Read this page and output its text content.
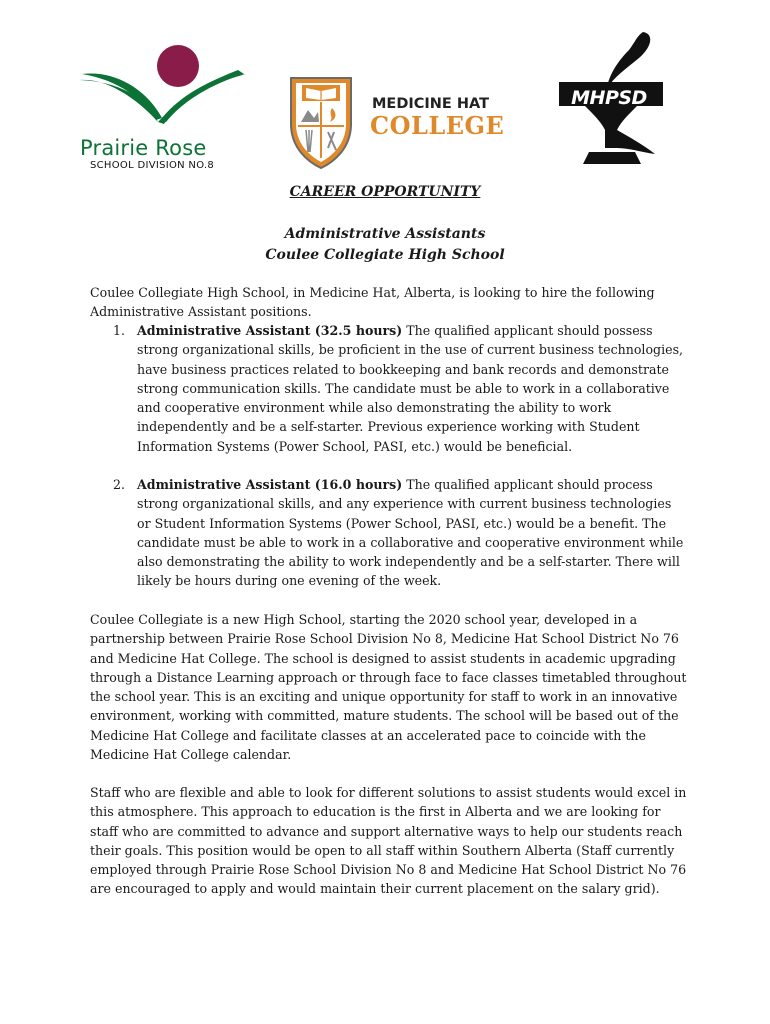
Prairie Rose
SCHOOL DIVISION NO.8
MEDICINE HAT
COLLEGE
MHPSD
CAREER OPPORTUNITY
Administrative Assistants
Coulee Collegiate High School

Coulee Collegiate High School, in Medicine Hat, Alberta, is looking to hire the following Administrative Assistant positions.

1. Administrative Assistant (32.5 hours) The qualified applicant should possess strong organizational skills, be proficient in the use of current business technologies, have business practices related to bookkeeping and bank records and demonstrate strong communication skills. The candidate must be able to work in a collaborative and cooperative environment while also demonstrating the ability to work independently and be a self-starter. Previous experience working with Student Information Systems (Power School, PASI, etc.) would be beneficial.

2. Administrative Assistant (16.0 hours) The qualified applicant should process strong organizational skills, and any experience with current business technologies or Student Information Systems (Power School, PASI, etc.) would be a benefit. The candidate must be able to work in a collaborative and cooperative environment while also demonstrating the ability to work independently and be a self-starter. There will likely be hours during one evening of the week.

Coulee Collegiate is a new High School, starting the 2020 school year, developed in a partnership between Prairie Rose School Division No 8, Medicine Hat School District No 76 and Medicine Hat College. The school is designed to assist students in academic upgrading through a Distance Learning approach or through face to face classes timetabled throughout the school year. This is an exciting and unique opportunity for staff to work in an innovative environment, working with committed, mature students. The school will be based out of the Medicine Hat College and facilitate classes at an accelerated pace to coincide with the Medicine Hat College calendar.

Staff who are flexible and able to look for different solutions to assist students would excel in this atmosphere. This approach to education is the first in Alberta and we are looking for staff who are committed to advance and support alternative ways to help our students reach their goals. This position would be open to all staff within Southern Alberta (Staff currently employed through Prairie Rose School Division No 8 and Medicine Hat School District No 76 are encouraged to apply and would maintain their current placement on the salary grid).
